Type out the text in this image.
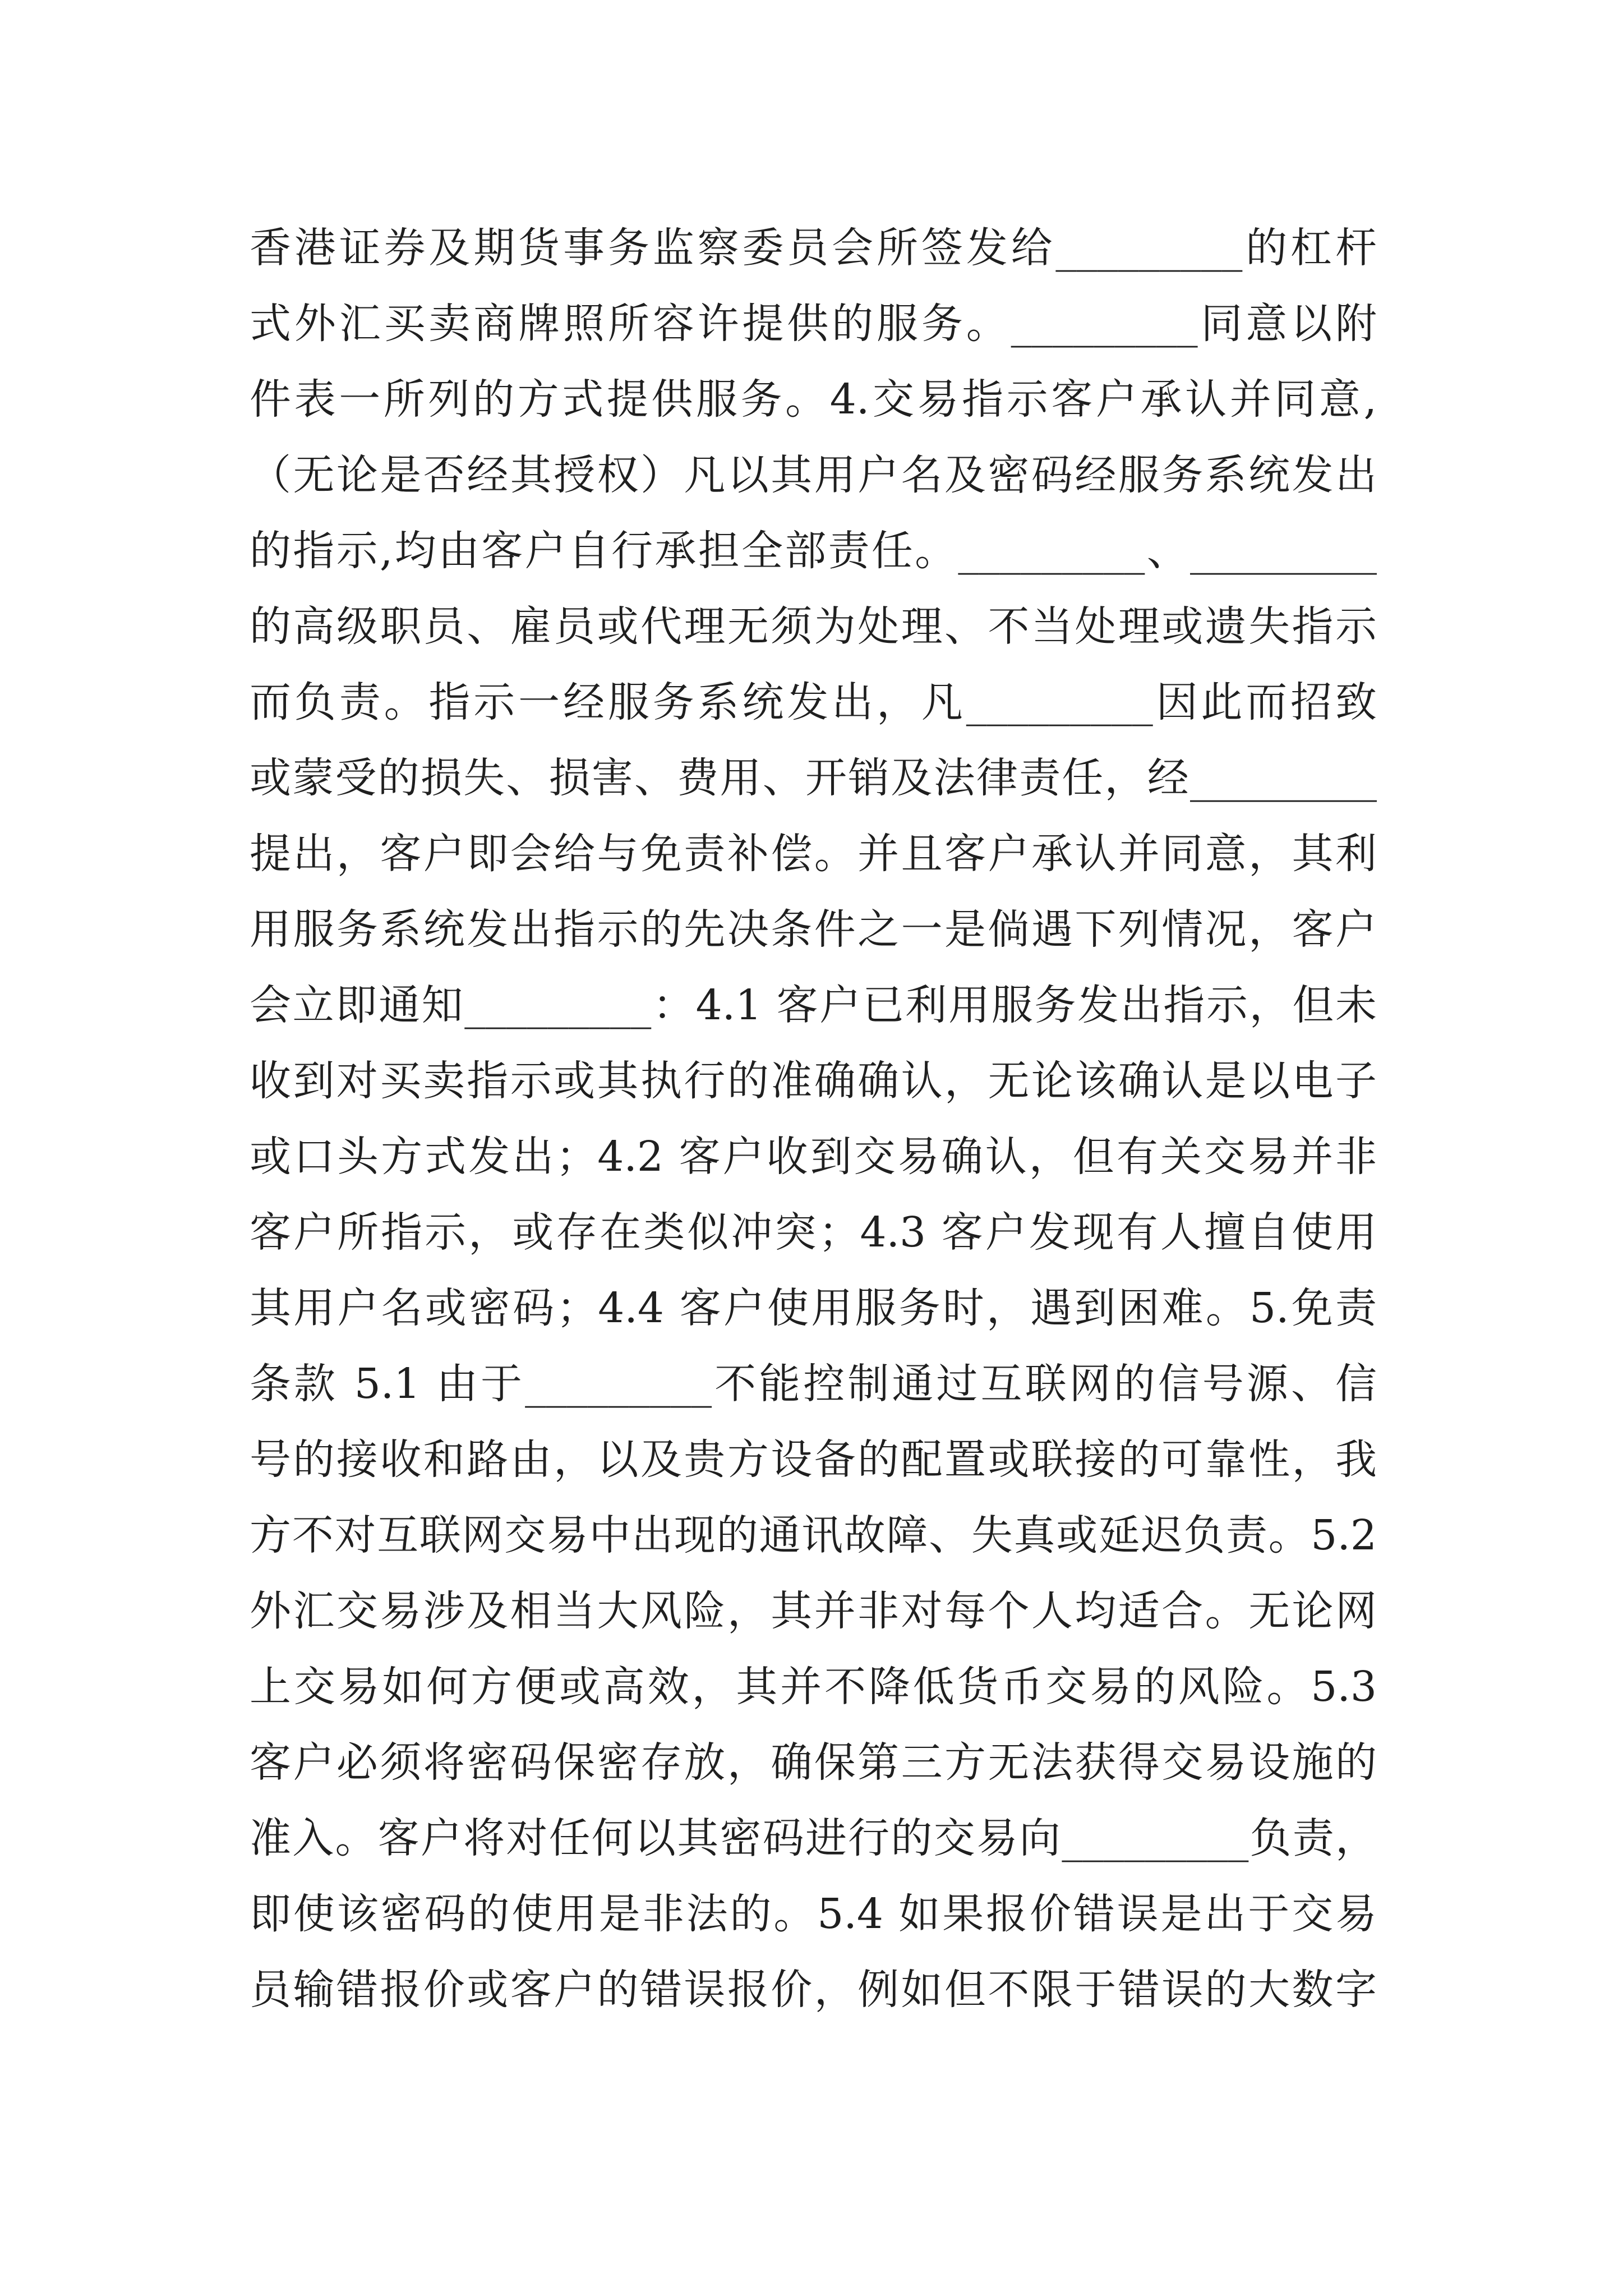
香港证券及期货事务监察委员会所签发给_________的杠杆
式外汇买卖商牌照所容许提供的服务。_________同意以附
件表一所列的方式提供服务。4.交易指示客户承认并同意,
（无论是否经其授权）凡以其用户名及密码经服务系统发出
的指示,均由客户自行承担全部责任。_________、_________
的高级职员、雇员或代理无须为处理、不当处理或遗失指示
而负责。指示一经服务系统发出，凡_________因此而招致
或蒙受的损失、损害、费用、开销及法律责任，经_________
提出，客户即会给与免责补偿。并且客户承认并同意，其利
用服务系统发出指示的先决条件之一是倘遇下列情况，客户
会立即通知_________：4.1 客户已利用服务发出指示，但未
收到对买卖指示或其执行的准确确认，无论该确认是以电子
或口头方式发出；4.2 客户收到交易确认，但有关交易并非
客户所指示，或存在类似冲突；4.3 客户发现有人擅自使用
其用户名或密码；4.4 客户使用服务时，遇到困难。5.免责
条款 5.1 由于_________不能控制通过互联网的信号源、信
号的接收和路由，以及贵方设备的配置或联接的可靠性，我
方不对互联网交易中出现的通讯故障、失真或延迟负责。5.2
外汇交易涉及相当大风险，其并非对每个人均适合。无论网
上交易如何方便或高效，其并不降低货币交易的风险。5.3
客户必须将密码保密存放，确保第三方无法获得交易设施的
准入。客户将对任何以其密码进行的交易向_________负责，
即使该密码的使用是非法的。5.4 如果报价错误是出于交易
员输错报价或客户的错误报价，例如但不限于错误的大数字
